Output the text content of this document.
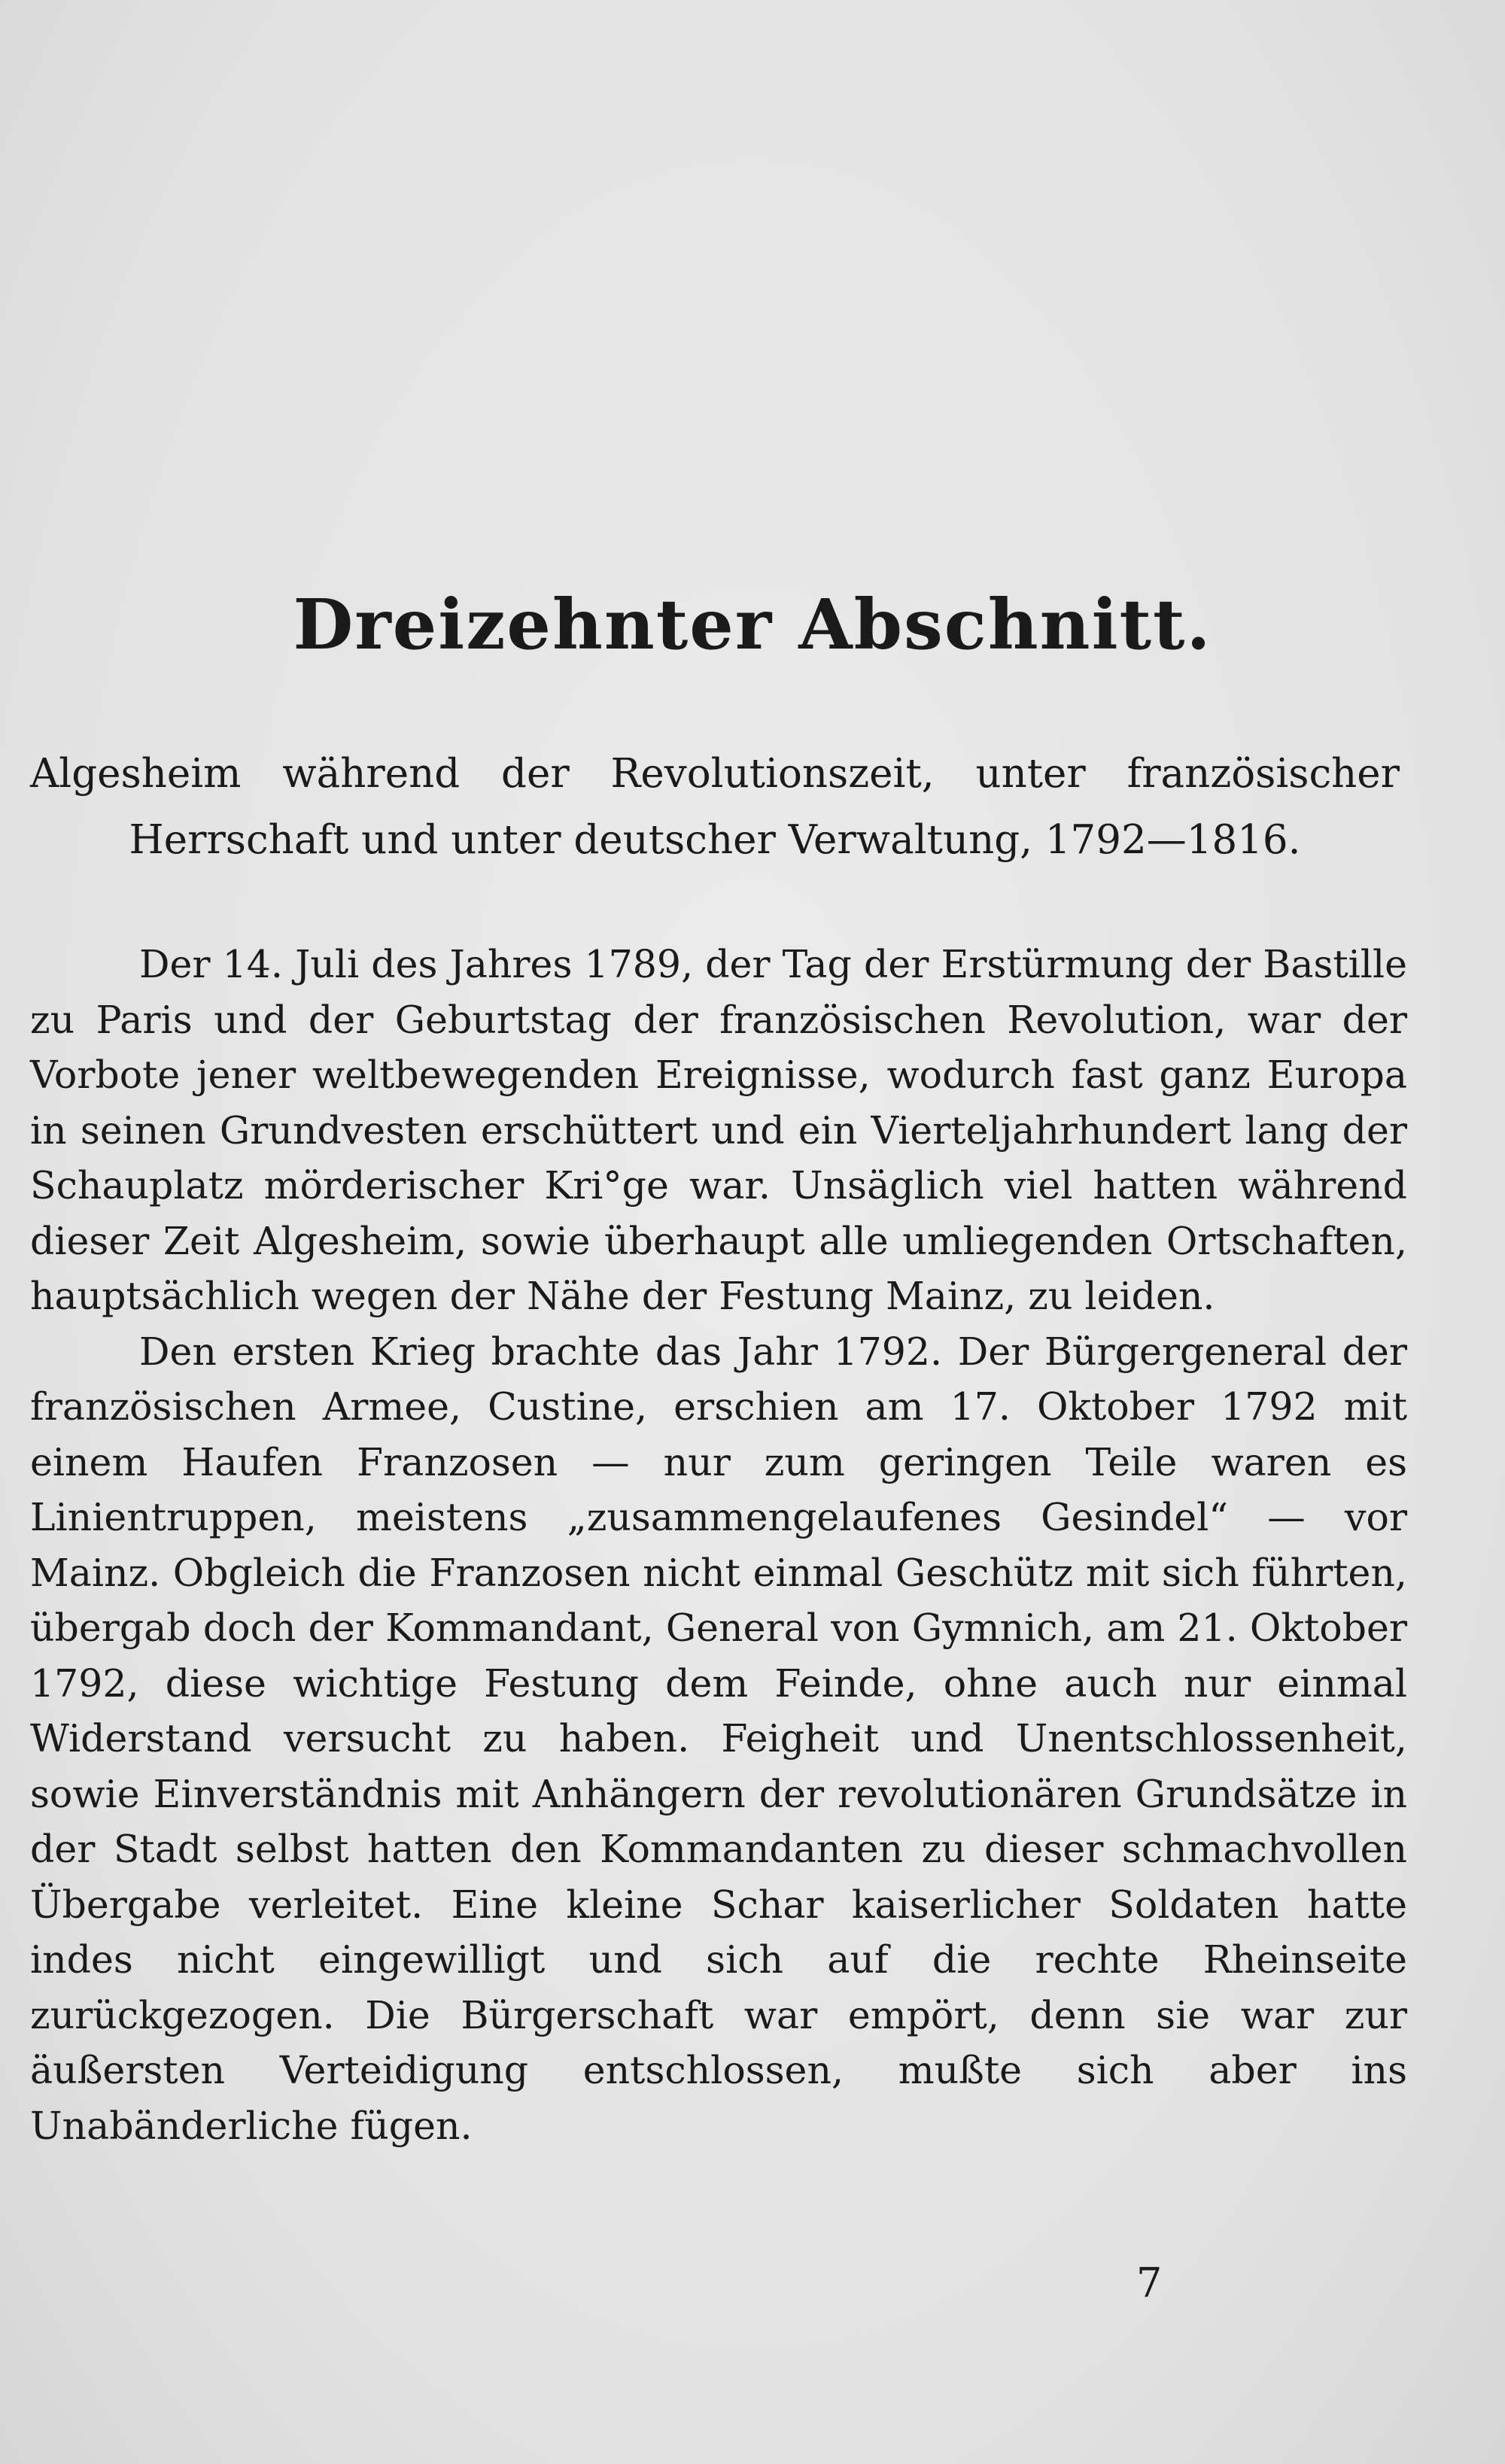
Dreizehnter Abschnitt.

Algesheim während der Revolutionszeit, unter französischer Herrschaft und unter deutscher Verwaltung, 1792—1816.

Der 14. Juli des Jahres 1789, der Tag der Erstürmung der Bastille zu Paris und der Geburtstag der französischen Revolution, war der Vorbote jener weltbewegenden Ereignisse, wodurch fast ganz Europa in seinen Grundvesten erschüttert und ein Vierteljahrhundert lang der Schauplatz mörderischer Kri°ge war. Unsäglich viel hatten während dieser Zeit Algesheim, sowie überhaupt alle umliegenden Ortschaften, hauptsächlich wegen der Nähe der Festung Mainz, zu leiden.

Den ersten Krieg brachte das Jahr 1792. Der Bürgergeneral der französischen Armee, Custine, erschien am 17. Oktober 1792 mit einem Haufen Franzosen — nur zum geringen Teile waren es Linientruppen, meistens „zusammengelaufenes Gesindel“ — vor Mainz. Obgleich die Franzosen nicht einmal Geschütz mit sich führten, übergab doch der Kommandant, General von Gymnich, am 21. Oktober 1792, diese wichtige Festung dem Feinde, ohne auch nur einmal Widerstand versucht zu haben. Feigheit und Unentschlossenheit, sowie Einverständnis mit Anhängern der revolutionären Grundsätze in der Stadt selbst hatten den Kommandanten zu dieser schmachvollen Übergabe verleitet. Eine kleine Schar kaiserlicher Soldaten hatte indes nicht eingewilligt und sich auf die rechte Rheinseite zurückgezogen. Die Bürgerschaft war empört, denn sie war zur äußersten Verteidigung entschlossen, mußte sich aber ins Unabänderliche fügen.

7
